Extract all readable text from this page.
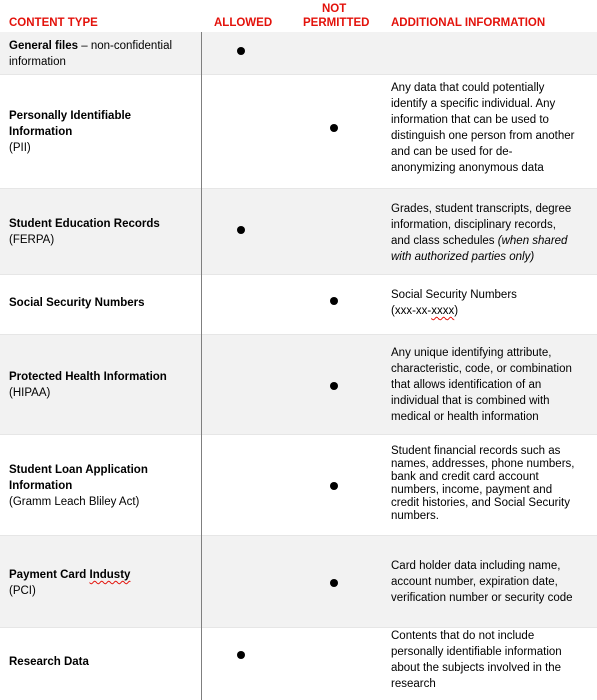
CONTENT TYPE	ALLOWED
NOT
PERMITTED ADDITIONAL INFORMATION
General files – non-confidential
information
Personally Identifiable
Information
(PII)
Any data that could potentially
identify a specific individual. Any
information that can be used to
distinguish one person from another
and can be used for de-
anonymizing anonymous data
Student Education Records
(FERPA)
Grades, student transcripts, degree
information, disciplinary records,
and class schedules (when shared
with authorized parties only)
Social Security Numbers
Social Security Numbers
(xxx-xx-xxxx)
Protected Health Information
(HIPAA)
Any unique identifying attribute,
characteristic, code, or combination
that allows identification of an
individual that is combined with
medical or health information
Student Loan Application
Information
(Gramm Leach Bliley Act)
Student financial records such as
names, addresses, phone numbers,
bank and credit card account
numbers, income, payment and
credit histories, and Social Security
numbers.
Payment Card Industy
(PCI)
Card holder data including name,
account number, expiration date,
verification number or security code
Research Data
Contents that do not include
personally identifiable information
about the subjects involved in the
research
